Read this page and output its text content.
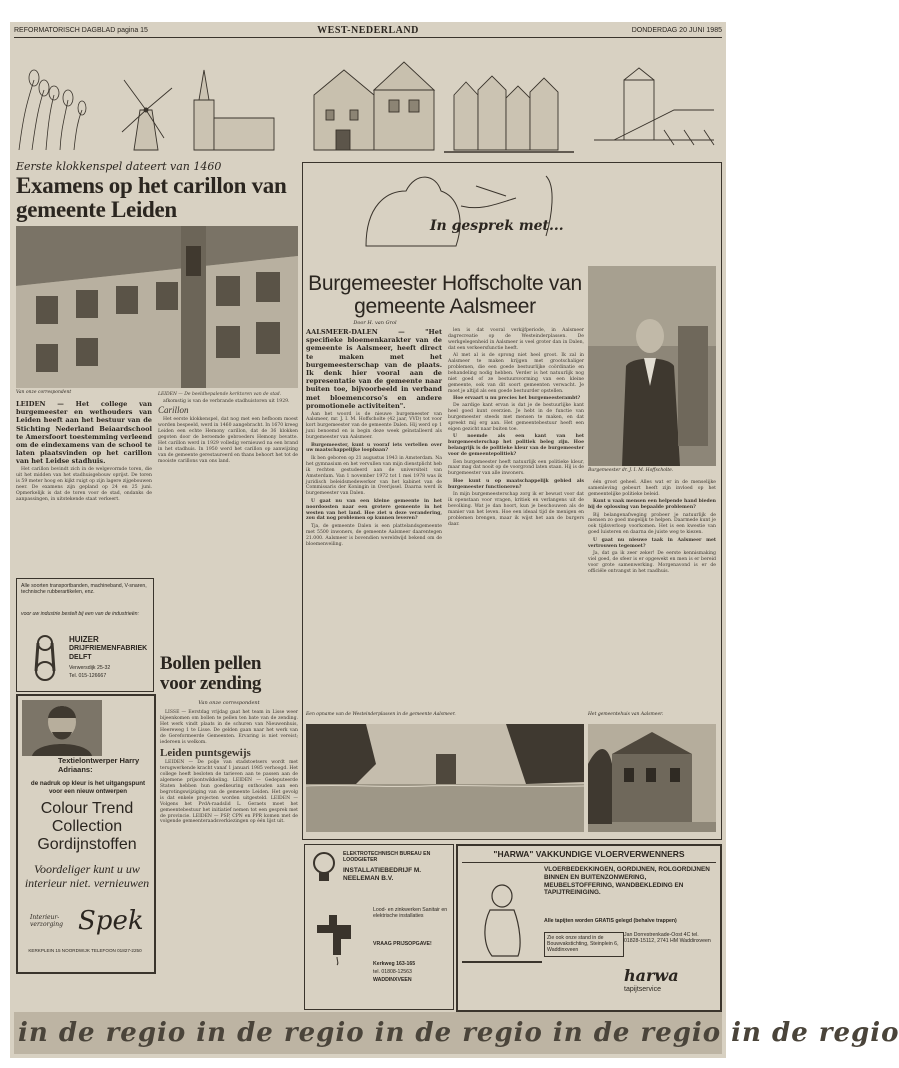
REFORMATORISCH DAGBLAD pagina 15	WEST-NEDERLAND	DONDERDAG 20 JUNI 1985
Eerste klokkenspel dateert van 1460
Examens op het carillon van gemeente Leiden
Van onze correspondent

LEIDEN — Het college van burgemeester en wethouders van Leiden heeft aan het bestuur van de Stichting Nederland Beiaardschool te Amersfoort toestemming verleend om de eindexamens van de school te laten plaatsvinden op het carillon van het Leidse stadhuis.

Het carillon bevindt zich in de welgevormde toren, die uit het midden van het stadhuisgebouw oprijst. De toren is 59 meter hoog en kijkt ruigt op zijn lagere zijgebouwen neer. De examens zijn gepland op 24 en 25 juni. Opmerkelijk is dat de toren voor de stad, ondanks de aanpassingen, in uitstekende staat verkeert.

LEIDEN — De beeldbepalende kerktoren van de stad.

afkomstig is van de verbrande stadhuistoren uit 1929.

Carillon

Het eerste klokkenspel, dat nog met een hefboom moest worden bespeeld, werd in 1460 aangebracht. In 1670 kreeg Leiden een echte Hemony carillon, dat de 36 klokken gegoten door de beroemde gebroeders Hemony bevatte. Het carillon werd in 1929 volledig vernieuwd na een brand in het stadhuis. In 1950 werd het carillon op aanwijzing van de gemeente gerestaureerd en thans behoort het tot de mooiste carillons van ons land.

Alle soorten transportbanden, machineband, V-snaren, technische rubberartikelen, enz.
voor uw industrie bestelt bij een van de industrieën:
HUIZER
DRIJFRIEMENFABRIEK
DELFT
Verwersdijk 25-32
Tel. 015-126667
Textielontwerper Harry Adriaans:
de nadruk op kleur is het uitgangspunt voor een nieuw ontwerpen
Colour Trend Collection Gordijnstoffen
Voordeliger kunt u uw interieur niet. vernieuwen
Interieur-verzorging Spek
KERKPLEIN 15 NOORDWIJK TELEFOON 01827-2250
Bollen pellen voor zending
Van onze correspondent

LISSE — Eerstdag vrijdag gaat het team in Lisse weer bijeenkomen om bollen te pellen ten bate van de zending. Het werk vindt plaats in de schuren van Nieuwenhuis, Heereweg 1 te Lisse. De gelden gaan naar het werk van de Gereformeerde Gemeenten. Ervaring is niet vereist; iedereen is welkom.

Leiden puntsgewijs

LEIDEN — De polje van stadstoetsers wordt met terugwerkende kracht vanaf 1 januari 1985 verhoogd. Het college heeft besloten de tarieven aan te passen aan de algemene prijsontwikkeling. LEIDEN — Gedeputeerde Staten hebben hun goedkeuring onthouden aan een begrotingswijziging van de gemeente Leiden. Het gevolg is dat enkele projecten worden uitgesteld. LEIDEN — Volgens het PvdA-raadslid L. Geraets moet het gemeentebestuur het initiatief nemen tot een gesprek met de provincie. LEIDEN — PSP, CPN en PPR komen met de volgende gemeenteraadsverkiezingen op één lijst uit.

In gesprek met...
Burgemeester dr. J. I. M. Hoffscholte.
Burgemeester Hoffscholte van gemeente Aalsmeer
Door H. van Grol

AALSMEER-DALEN — "Het specifieke bloemenkarakter van de gemeente is Aalsmeer, heeft direct te maken met het burgemeesterschap van de plaats. Ik denk hier vooral aan de representatie van de gemeente naar buiten toe, bijvoorbeeld in verband met bloemencorso's en andere promotionele activiteiten".

Aan het woord is de nieuwe burgemeester van Aalsmeer, mr. J. I. M. Hoffscholte (42 jaar, VVD) tot voor kort burgemeester van de gemeente Dalen. Hij werd op 1 juni benoemd en is begin deze week geïnstalleerd als burgemeester van Aalsmeer.

Burgemeester, kunt u vooraf iets vertellen over uw maatschappelijke loopbaan?

Ik ben geboren op 21 augustus 1943 in Amsterdam. Na het gymnasium en het vervullen van mijn dienstplicht heb ik rechten gestudeerd aan de universiteit van Amsterdam. Van 1 november 1972 tot 1 mei 1978 was ik juridisch beleidsmedewerker van het kabinet van de Commissaris der Koningin in Overijssel. Daarna werd ik burgemeester van Dalen.

U gaat nu van een kleine gemeente in het noordoosten naar een grotere gemeente in het westen van het land. Hoe ziet u deze verandering, zou dat nog problemen op kunnen leveren?

Tja, de gemeente Dalen is een plattelandsgemeente met 5500 inwoners, de gemeente Aalsmeer daarentegen 21.000. Aalsmeer is bovendien wereldwijd bekend om de bloemenveiling.

len is dat vooral verkijfperiode, in Aalsmeer dagrecreatie op de Westeinderplassen. De werkgelegenheid in Aalsmeer is veel groter dan in Dalen, dat een verkeersfunctie heeft.

Al met al is de sprong niet heel groot. Ik zal in Aalsmeer te maken krijgen met grootschaliger problemen, die een goede bestuurlijke coördinatie en behandeling nodig hebben. Verder is het natuurlijk nog niet goed of ze bestuursvorming van een kleine gemeente, ook van dit soort gemeenten verwacht. Je moet je altijd als een goede bestuurder opstellen.

Hoe ervaart u nu precies het burgemeesterambt?

De aardige kant ervan is dat je de bestuurlijke kant heel goed kunt overzien. Je hebt in de functie van burgemeester steeds met mensen te maken, en dat spreekt mij erg aan. Het gemeentebestuur heeft een eigen gezicht naar buiten toe.

U noemde als een kant van het burgemeesterschap het politiek beleg zijn. Hoe belangrijk is de politieke kleur van de burgemeester voor de gemeentepolitiek?

Een burgemeester heeft natuurlijk een politieke kleur, maar mag dat nooit op de voorgrond laten staan. Hij is de burgemeester van alle inwoners.

Hoe kunt u op maatschappelijk gebied als burgemeester functioneren?

In mijn burgemeesterschap zorg ik er bewust voor dat ik openstaan voor vragen, kritiek en verlangens uit de bevolking. Wat je dan hoort, kun je beschouwen als de manier van het leven. Hoe een ideaal tijd de menigen en problemen brengen, maar ik wijst het aan de burgers daar.

één groot geheel. Alles wat er in de menselijke samenleving gebeurt heeft zijn invloed op het gemeentelijke politieke beleid.

Kunt u vaak mensen een helpende hand bieden bij de oplossing van bepaalde problemen?

Bij belangenafweging probeer je natuurlijk de mensen zo goed mogelijk te helpen. Daarmede kunt je ook tijdsverloop voorkomen. Het is een kwestie van goed luisteren en daarna de juiste weg te kiezen.

U gaat nu nieuwe taak in Aalsmeer met vertrouwen tegemoet?

Ja, dat ga ik zeer zeker! De eerste kennismaking viel goed, de sfeer is er opgewekt en men is er bereid voor grote samenwerking. Morgenavond is er de officiële ontvangst in het raadhuis.

Een opname van de Westeinderplassen in de gemeente Aalsmeer.	Het gemeentehuis van Aalsmeer.
ELEKTROTECHNISCH BUREAU EN LOODGIETER
INSTALLATIEBEDRIJF M. NEELEMAN B.V.
Lood- en zinkwerken Sanitair en elektrische installaties
VRAAG PRIJSOPGAVE!
Kerkweg 163-165
tel. 01808-12563
WADDINXVEEN
"HARWA" VAKKUNDIGE VLOERVERWENNERS
VLOERBEDEKKINGEN, GORDIJNEN, ROLGORDIJNEN BINNEN EN BUITENZONWERING, MEUBELSTOFFERING, WANDBEKLEDING EN TAPIJTREINIGING.
Alle tapijten worden GRATIS gelegd (behalve trappen)
Zie ook onze stand in de Bouwvakstichting, Steinplein 6, Waddinxveen
Jan Dorrestrenkade-Oost 4C tel. 01828-15112, 2741 HM Waddinxveen
harwa
tapijtservice
in de regio in de regio in de regio in de regio in de regio
